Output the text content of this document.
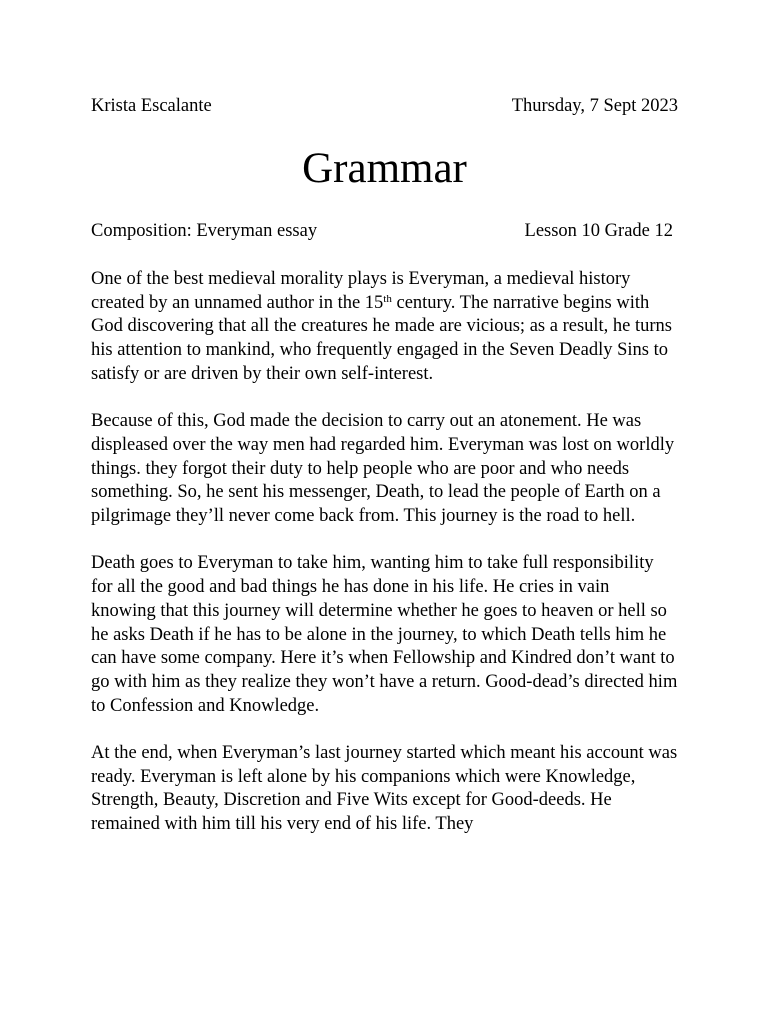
Krista Escalante	Thursday, 7 Sept 2023
Grammar
Composition: Everyman essay	Lesson 10 Grade 12

One of the best medieval morality plays is Everyman, a medieval history created by an unnamed author in the 15th century. The narrative begins with God discovering that all the creatures he made are vicious; as a result, he turns his attention to mankind, who frequently engaged in the Seven Deadly Sins to satisfy or are driven by their own self-interest.

Because of this, God made the decision to carry out an atonement. He was displeased over the way men had regarded him. Everyman was lost on worldly things. they forgot their duty to help people who are poor and who needs something. So, he sent his messenger, Death, to lead the people of Earth on a pilgrimage they’ll never come back from. This journey is the road to hell.

Death goes to Everyman to take him, wanting him to take full responsibility for all the good and bad things he has done in his life. He cries in vain knowing that this journey will determine whether he goes to heaven or hell so he asks Death if he has to be alone in the journey, to which Death tells him he can have some company. Here it’s when Fellowship and Kindred don’t want to go with him as they realize they won’t have a return. Good-dead’s directed him to Confession and Knowledge.

At the end, when Everyman’s last journey started which meant his account was ready. Everyman is left alone by his companions which were Knowledge, Strength, Beauty, Discretion and Five Wits except for Good-deeds. He remained with him till his very end of his life. They
